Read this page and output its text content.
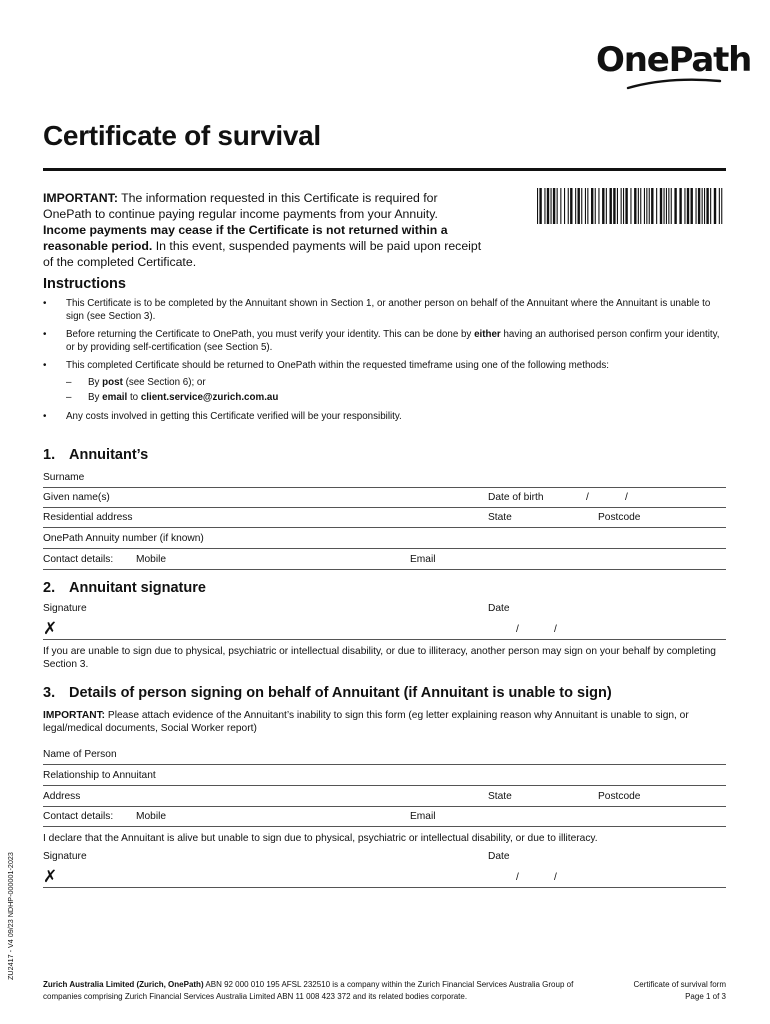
OnePath
Certificate of survival
IMPORTANT: The information requested in this Certificate is required for OnePath to continue paying regular income payments from your Annuity. Income payments may cease if the Certificate is not returned within a reasonable period. In this event, suspended payments will be paid upon receipt of the completed Certificate.
Instructions
• This Certificate is to be completed by the Annuitant shown in Section 1, or another person on behalf of the Annuitant where the Annuitant is unable to sign (see Section 3).
• Before returning the Certificate to OnePath, you must verify your identity. This can be done by either having an authorised person confirm your identity, or by providing self-certification (see Section 5).
• This completed Certificate should be returned to OnePath within the requested timeframe using one of the following methods:
– By post (see Section 6); or
– By email to client.service@zurich.com.au
• Any costs involved in getting this Certificate verified will be your responsibility.
1. Annuitant’s
Surname
Given name(s)	Date of birth	/	/
Residential address	State	Postcode
OnePath Annuity number (if known)
Contact details: Mobile	Email
2. Annuitant signature
Signature	Date
✗	/	/
If you are unable to sign due to physical, psychiatric or intellectual disability, or due to illiteracy, another person may sign on your behalf by completing Section 3.
3. Details of person signing on behalf of Annuitant (if Annuitant is unable to sign)
IMPORTANT: Please attach evidence of the Annuitant’s inability to sign this form (eg letter explaining reason why Annuitant is unable to sign, or legal/medical documents, Social Worker report)
Name of Person
Relationship to Annuitant
Address	State	Postcode
Contact details: Mobile	Email
I declare that the Annuitant is alive but unable to sign due to physical, psychiatric or intellectual disability, or due to illiteracy.
Signature	Date
✗	/	/
ZU2417 - V4 09/23 NDHP-000001-2023
Zurich Australia Limited (Zurich, OnePath) ABN 92 000 010 195 AFSL 232510 is a company within the Zurich Financial Services Australia Group of companies comprising Zurich Financial Services Australia Limited ABN 11 008 423 372 and its related bodies corporate.
Certificate of survival form
Page 1 of 3
